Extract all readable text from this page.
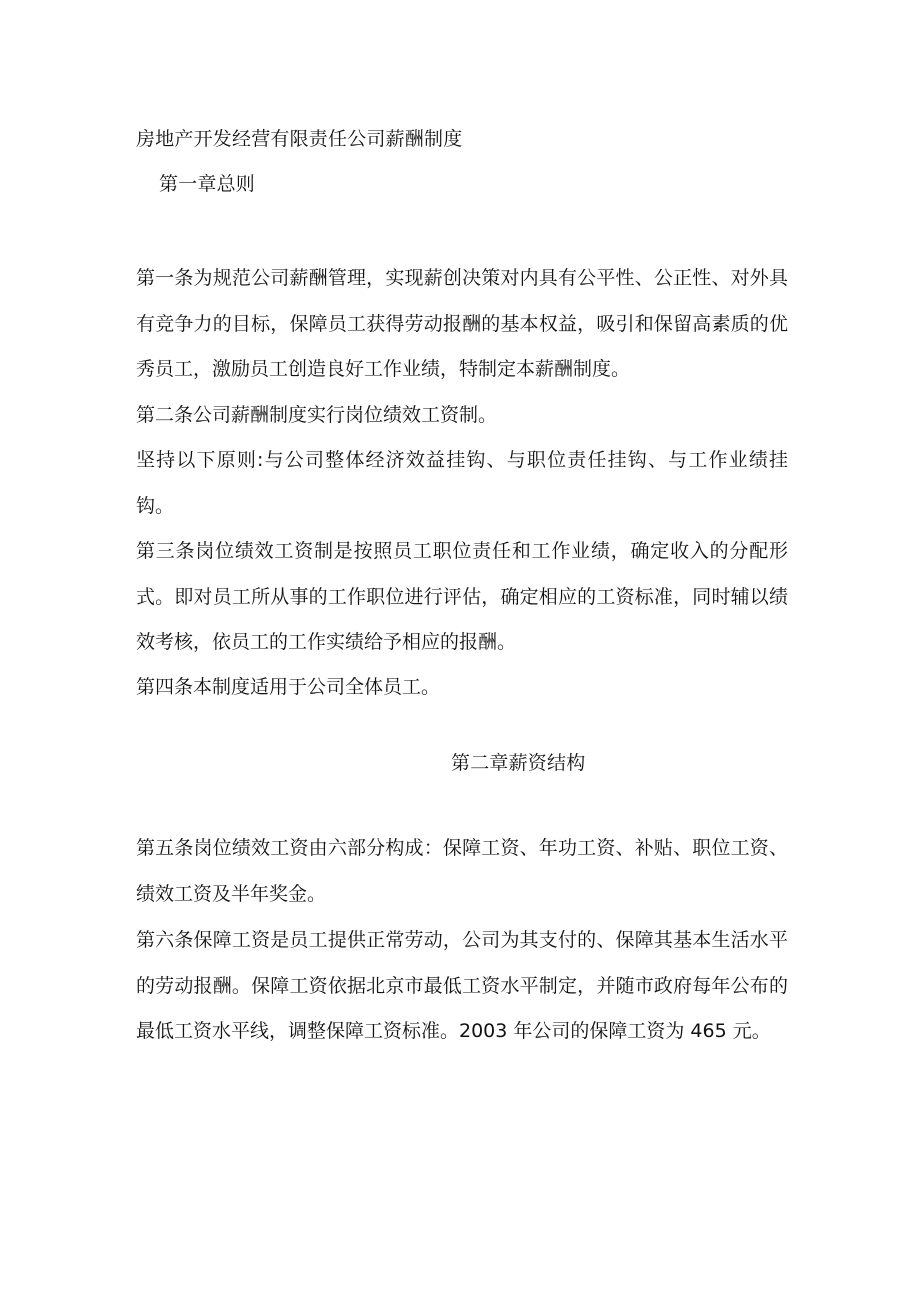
房地产开发经营有限责任公司薪酬制度
第一章总则
第一条为规范公司薪酬管理，实现薪创决策对内具有公平性、公正性、对外具有竞争力的目标，保障员工获得劳动报酬的基本权益，吸引和保留高素质的优秀员工，激励员工创造良好工作业绩，特制定本薪酬制度。
第二条公司薪酬制度实行岗位绩效工资制。
坚持以下原则:与公司整体经济效益挂钩、与职位责任挂钩、与工作业绩挂钩。
第三条岗位绩效工资制是按照员工职位责任和工作业绩，确定收入的分配形式。即对员工所从事的工作职位进行评估，确定相应的工资标准，同时辅以绩效考核，依员工的工作实绩给予相应的报酬。
第四条本制度适用于公司全体员工。
第二章薪资结构
第五条岗位绩效工资由六部分构成：保障工资、年功工资、补贴、职位工资、绩效工资及半年奖金。
第六条保障工资是员工提供正常劳动，公司为其支付的、保障其基本生活水平的劳动报酬。保障工资依据北京市最低工资水平制定，并随市政府每年公布的最低工资水平线，调整保障工资标准。2003 年公司的保障工资为 465 元。
